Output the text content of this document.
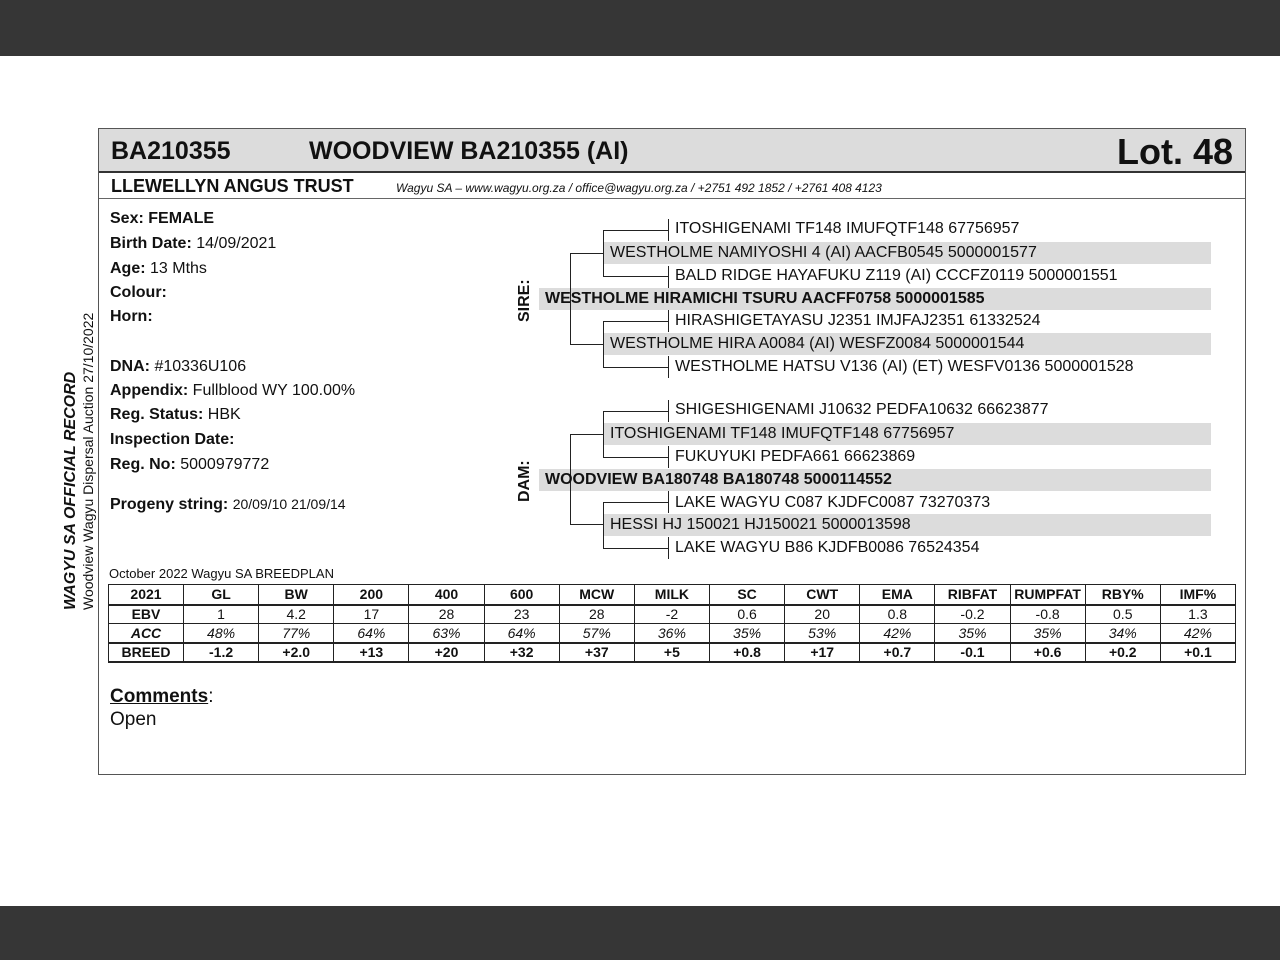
BA210355	WOODVIEW BA210355 (AI)	Lot. 48
LLEWELLYN ANGUS TRUST	Wagyu SA – www.wagyu.org.za / office@wagyu.org.za / +2751 492 1852 / +2761 408 4123
WAGYU SA OFFICIAL RECORD Woodview Wagyu Dispersal Auction 27/10/2022
Sex: FEMALE
Birth Date: 14/09/2021
Age: 13 Mths
Colour:
Horn:
DNA: #10336U106
Appendix: Fullblood WY 100.00%
Reg. Status: HBK
Inspection Date:
Reg. No: 5000979772
Progeny string: 20/09/10 21/09/14
SIRE:
DAM:
ITOSHIGENAMI TF148 IMUFQTF148 67756957
WESTHOLME NAMIYOSHI 4 (AI) AACFB0545 5000001577
BALD RIDGE HAYAFUKU Z119 (AI) CCCFZ0119 5000001551
WESTHOLME HIRAMICHI TSURU AACFF0758 5000001585
HIRASHIGETAYASU J2351 IMJFAJ2351 61332524
WESTHOLME HIRA A0084 (AI) WESFZ0084 5000001544
WESTHOLME HATSU V136 (AI) (ET) WESFV0136 5000001528
SHIGESHIGENAMI J10632 PEDFA10632 66623877
ITOSHIGENAMI TF148 IMUFQTF148 67756957
FUKUYUKI PEDFA661 66623869
WOODVIEW BA180748 BA180748 5000114552
LAKE WAGYU C087 KJDFC0087 73270373
HESSI HJ 150021 HJ150021 5000013598
LAKE WAGYU B86 KJDFB0086 76524354
October 2022 Wagyu SA BREEDPLAN
2021	GL	BW	200	400	600	MCW	MILK	SC	CWT	EMA	RIBFAT	RUMPFAT	RBY%	IMF%
EBV	1	4.2	17	28	23	28	-2	0.6	20	0.8	-0.2	-0.8	0.5	1.3
ACC	48%	77%	64%	63%	64%	57%	36%	35%	53%	42%	35%	35%	34%	42%
BREED	-1.2	+2.0	+13	+20	+32	+37	+5	+0.8	+17	+0.7	-0.1	+0.6	+0.2	+0.1
Comments:
Open
